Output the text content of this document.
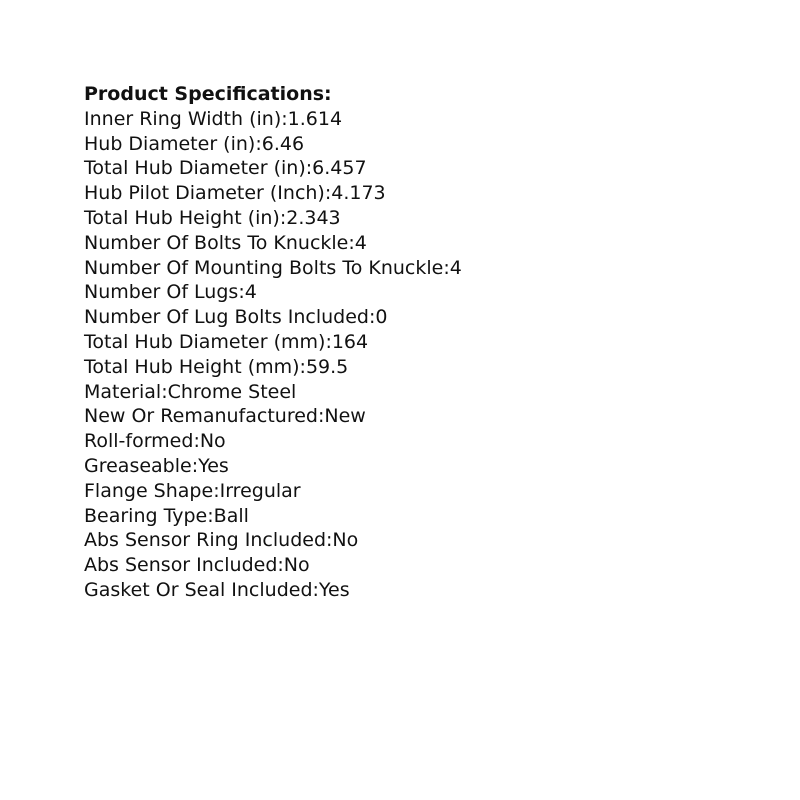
Product Specifications:
Inner Ring Width (in):1.614
Hub Diameter (in):6.46
Total Hub Diameter (in):6.457
Hub Pilot Diameter (Inch):4.173
Total Hub Height (in):2.343
Number Of Bolts To Knuckle:4
Number Of Mounting Bolts To Knuckle:4
Number Of Lugs:4
Number Of Lug Bolts Included:0
Total Hub Diameter (mm):164
Total Hub Height (mm):59.5
Material:Chrome Steel
New Or Remanufactured:New
Roll-formed:No
Greaseable:Yes
Flange Shape:Irregular
Bearing Type:Ball
Abs Sensor Ring Included:No
Abs Sensor Included:No
Gasket Or Seal Included:Yes
